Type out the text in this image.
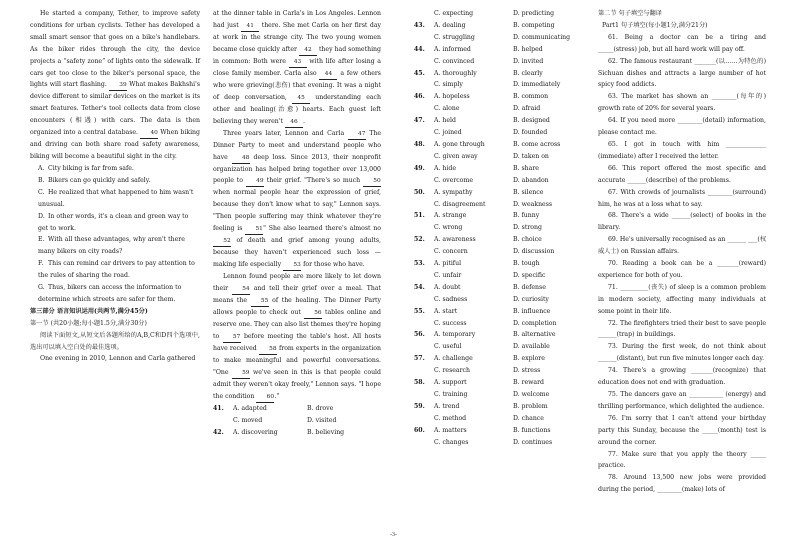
He started a company, Tether, to improve safety conditions for urban cyclists. Tether has developed a small smart sensor that goes on a bike's handlebars. As the biker rides through the city, the device projects a “safety zone” of lights onto the sidewalk. If cars get too close to the biker's personal space, the lights will start flashing. 39 What makes Bakhshi's device different to similar devices on the market is its smart features. Tether's tool collects data from close encounters (相遇) with cars. The data is then organized into a central database. 40 When biking and driving can both share road safety awareness, biking will become a beautiful sight in the city.

A. City biking is far from safe.
B. Bikers can go quickly and safely.
C. He realized that what happened to him wasn't unusual.
D. In other words, it's a clean and green way to get to work.
E. With all these advantages, why aren't there many bikers on city roads?
F. This can remind car drivers to pay attention to the rules of sharing the road.
G. Thus, bikers can access the information to determine which streets are safer for them.

第三部分 语言知识运用(共两节,满分45分)

第一节 (共20小题;每小题1.5分,满分30分)

阅读下面短文,从短文后各题所给的A,B,C和D四个选项中,选出可以填入空白处的最佳选项。

One evening in 2010, Lennon and Carla gathered

at the dinner table in Carla's in Los Angeles. Lennon had just 41 there. She met Carla on her first day at work in the strange city. The two young women became close quickly after 42 they had something in common: Both were 43 with life after losing a close family member. Carla also 44 a few others who were grieving(悲伤) that evening. It was a night of deep conversation, 45 understanding each other and healing(治愈) hearts. Each guest left believing they weren't 46 .

Three years later, Lennon and Carla 47 The Dinner Party to meet and understand people who have 48 deep loss. Since 2013, their nonprofit organization has helped bring together over 13,000 people to 49 their grief. "There's so much 50 when normal people hear the expression of grief, because they don't know what to say," Lennon says. "Then people suffering may think whatever they're feeling is 51" She also learned there's almost no 52 of death and grief among young adults, because they haven't experienced such loss — making life especially 53 for those who have.

Lennon found people are more likely to let down their 54 and tell their grief over a meal. That means the 55 of the healing. The Dinner Party allows people to check out 56 tables online and reserve one. They can also list themes they're hoping to 57 before meeting the table's host. All hosts have received 58 from experts in the organization to make meaningful and powerful conversations. "One 59 we've seen in this is that people could admit they weren't okay freely," Lennon says. "I hope the condition 60."

41.	A. adapted	B. drove
C. moved	D. visited
42.	A. discovering	B. believing
C. expecting	D. predicting
43.	A. dealing	B. competing
C. struggling	D. communicating
44.	A. informed	B. helped
C. convinced	D. invited
45.	A. thoroughly	B. clearly
C. simply	D. immediately
46.	A. hopeless	B. common
C. alone	D. afraid
47.	A. held	B. designed
C. joined	D. founded
48.	A. gone through	B. come across
C. given away	D. taken on
49.	A. hide	B. share
C. overcome	D. abandon
50.	A. sympathy	B. silence
C. disagreement	D. weakness
51.	A. strange	B. funny
C. wrong	D. strong
52.	A. awareness	B. choice
C. concern	D. discussion
53.	A. pitiful	B. tough
C. unfair	D. specific
54.	A. doubt	B. defense
C. sadness	D. curiosity
55.	A. start	B. influence
C. success	D. completion
56.	A. temporary	B. alternative
C. useful	D. available
57.	A. challenge	B. explore
C. research	D. stress
58.	A. support	B. reward
C. training	D. welcome
59.	A. trend	B. problem
C. method	D. chance
60.	A. matters	B. functions
C. changes	D. continues

第二节 句子填空与翻译

Part1 句子填空(每小题1分,满分21分)

61. Being a doctor can be a tiring and _____(stress) job, but all hard work will pay off.

62. The famous restaurant _______(以……为特色的) Sichuan dishes and attracts a large number of hot spicy food addicts.

63. The market has shown an ________(每年的) growth rate of 20% for several years.

64. If you need more ________(detail) information, please contact me.

65. I got in touch with him _____________ (immediate) after I received the letter.

66. This report offered the most specific and accurate ______(describe) of the problems.

67. With crowds of journalists ________(surround) him, he was at a loss what to say.

68. There's a wide ______(select) of books in the library.

69. He's universally recognised as an ______ ___(权威人士) on Russian affairs.

70. Reading a book can be a _______(reward) experience for both of you.

71. _________(丧失) of sleep is a common problem in modern society, affecting many individuals at some point in their life.

72. The firefighters tried their best to save people ______(trap) in buildings.

73. During the first week, do not think about ______(distant), but run five minutes longer each day.

74. There's a growing _______(recognize) that education does not end with graduation.

75. The dancers gave an ___________ (energy) and thrilling performance, which delighted the audience.

76. I'm sorry that I can't attend your birthday party this Sunday, because the _____(month) test is around the corner.

77. Make sure that you apply the theory _____ practice.

78. Around 13,500 new jobs were provided during the period, ________(make) lots of

-3-
